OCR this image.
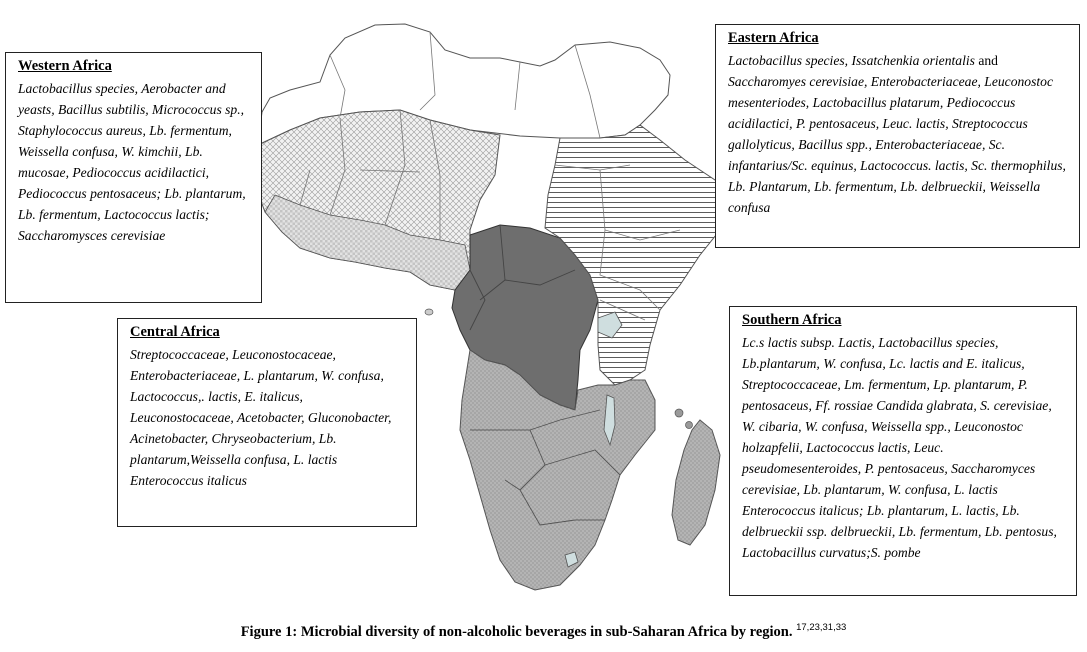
Western Africa
Lactobacillus species, Aerobacter and yeasts, Bacillus subtilis, Micrococcus sp., Staphylococcus aureus, Lb. fermentum, Weissella confusa, W. kimchii, Lb. mucosae, Pediococcus acidilactici, Pediococcus pentosaceus; Lb. plantarum, Lb. fermentum, Lactococcus lactis; Saccharomysces cerevisiae
Eastern Africa
Lactobacillus species, Issatchenkia orientalis and Saccharomyes cerevisiae, Enterobacteriaceae, Leuconostoc mesenteriodes, Lactobacillus platarum, Pediococcus acidilactici, P. pentosaceus, Leuc. lactis, Streptococcus gallolyticus, Bacillus spp., Enterobacteriaceae, Sc. infantarius/Sc. equinus, Lactococcus. lactis, Sc. thermophilus, Lb. Plantarum, Lb. fermentum, Lb. delbrueckii, Weissella confusa
Central Africa
Streptococcaceae, Leuconostocaceae, Enterobacteriaceae, L. plantarum, W. confusa, Lactococcus,. lactis, E. italicus, Leuconostocaceae, Acetobacter, Gluconobacter, Acinetobacter, Chryseobacterium, Lb. plantarum,Weissella confusa, L. lactis Enterococcus italicus
Southern Africa
Lc.s lactis subsp. Lactis, Lactobacillus species, Lb.plantarum, W. confusa, Lc. lactis and E. italicus, Streptococcaceae, Lm. fermentum, Lp. plantarum, P. pentosaceus, Ff. rossiae Candida glabrata, S. cerevisiae, W. cibaria, W. confusa, Weissella spp., Leuconostoc holzapfelii, Lactococcus lactis, Leuc. pseudomesenteroides, P. pentosaceus, Saccharomyces cerevisiae, Lb. plantarum, W. confusa, L. lactis Enterococcus italicus; Lb. plantarum, L. lactis, Lb. delbrueckii ssp. delbrueckii, Lb. fermentum, Lb. pentosus, Lactobacillus curvatus;S. pombe
Figure 1: Microbial diversity of non-alcoholic beverages in sub-Saharan Africa by region. $^{17,23,31,33}$
